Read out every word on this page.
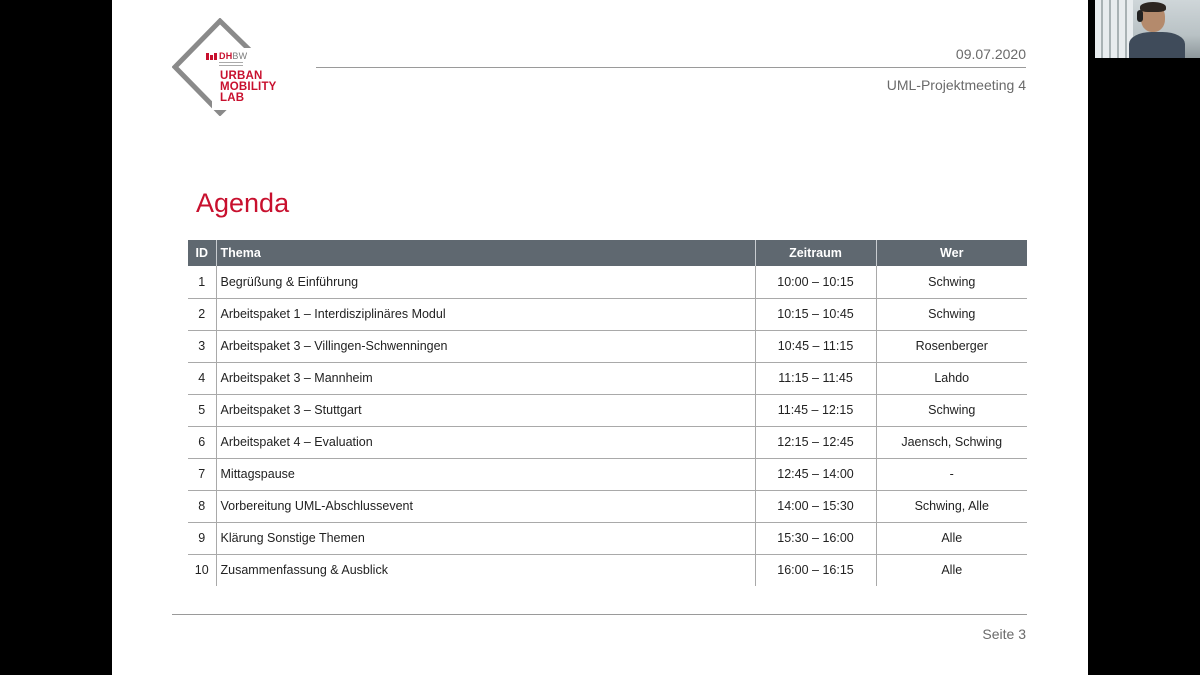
DHBW
URBAN
MOBILITY
LAB
09.07.2020
UML-Projektmeeting 4
Agenda
ID	Thema	Zeitraum	Wer
1	Begrüßung & Einführung	10:00 – 10:15	Schwing
2	Arbeitspaket 1 – Interdisziplinäres Modul	10:15 – 10:45	Schwing
3	Arbeitspaket 3 – Villingen-Schwenningen	10:45 – 11:15	Rosenberger
4	Arbeitspaket 3 – Mannheim	11:15 – 11:45	Lahdo
5	Arbeitspaket 3 – Stuttgart	11:45 – 12:15	Schwing
6	Arbeitspaket 4 – Evaluation	12:15 – 12:45	Jaensch, Schwing
7	Mittagspause	12:45 – 14:00	-
8	Vorbereitung UML-Abschlussevent	14:00 – 15:30	Schwing, Alle
9	Klärung Sonstige Themen	15:30 – 16:00	Alle
10	Zusammenfassung & Ausblick	16:00 – 16:15	Alle
Seite 3
